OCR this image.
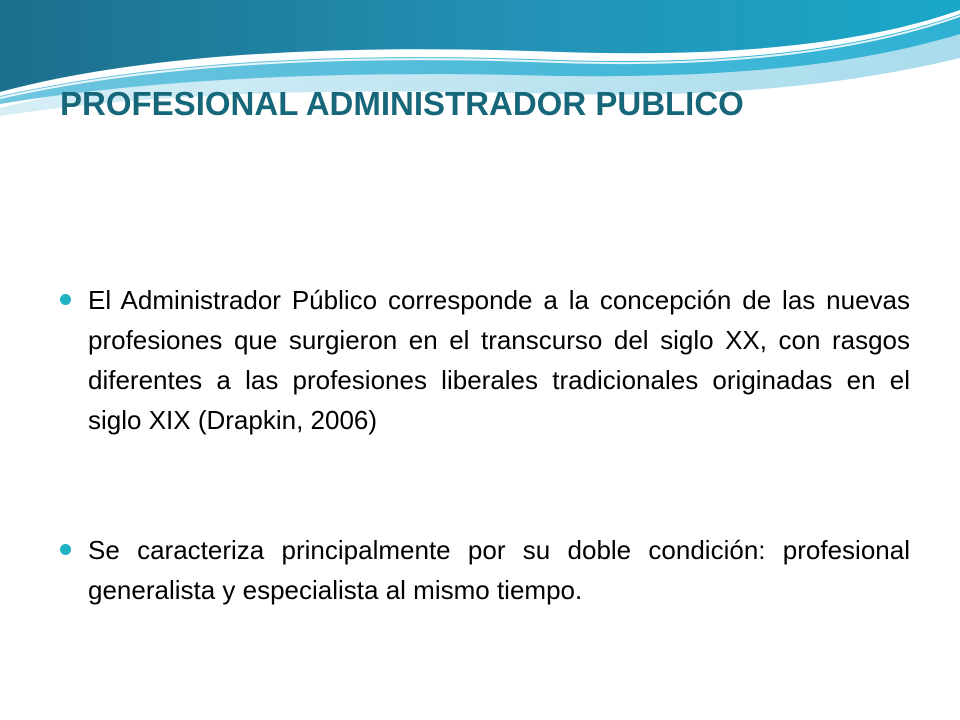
PROFESIONAL ADMINISTRADOR PUBLICO
El Administrador Público corresponde a la concepción de las nuevas profesiones que surgieron en el transcurso del siglo XX, con rasgos diferentes a las profesiones liberales tradicionales originadas en el siglo XIX (Drapkin, 2006)
Se caracteriza principalmente por su doble condición: profesional generalista y especialista al mismo tiempo.
